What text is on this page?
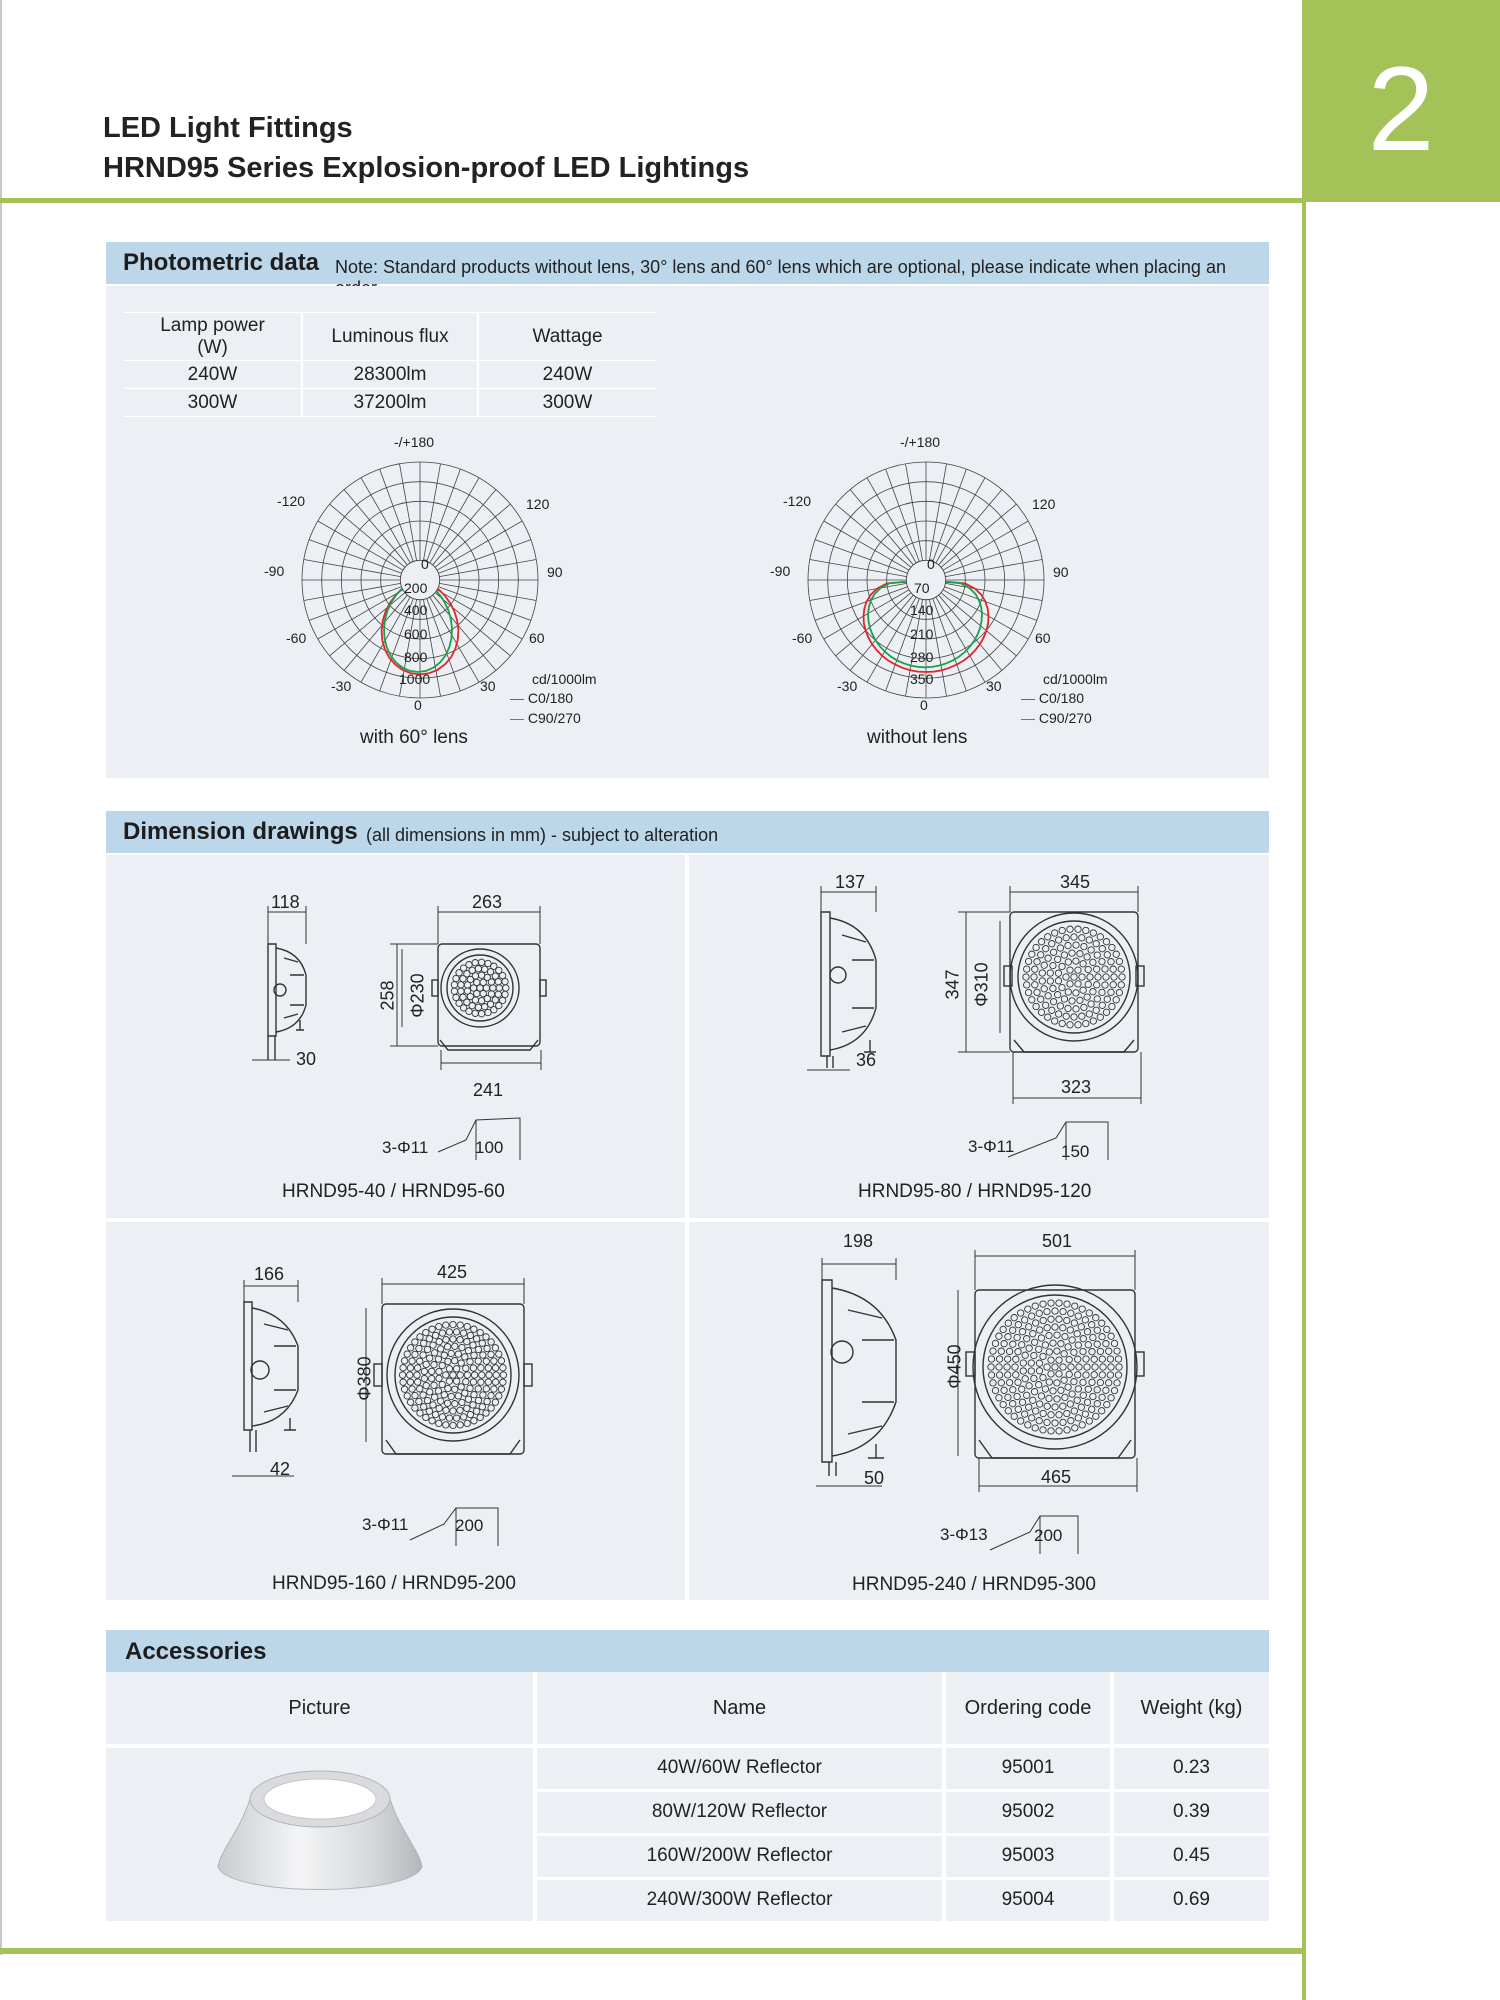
2
LED Light Fittings
HRND95 Series Explosion-proof LED Lightings
Photometric data Note: Standard products without lens, 30° lens and 60° lens which are optional, please indicate when placing an
Lamp power
(W)	Luminous flux	Wattage
240W	28300lm	240W
300W	37200lm	300W
-/+180
-120	120
-90	90
-60	60
-30	30
0
0
200
400
600
800
1000	cd/1000lm
— C0/180
— C90/270
with 60° lens
-/+180
-120	120
-90	90
-60	60
-30	30
0
0
70
140
210
280
350	cd/1000lm
— C0/180
— C90/270
without lens
Dimension drawings (all dimensions in mm) - subject to alteration
118	263
258 Φ230
30
241
3-Φ11	100
HRND95-40 / HRND95-60
137	345
347 Φ310
36
323
3-Φ11	150
HRND95-80 / HRND95-120
166	425
Φ380
42
3-Φ11	200
HRND95-160 / HRND95-200
198	501
Φ450
50	465
3-Φ13	200
HRND95-240 / HRND95-300
Accessories
Picture	Name	Ordering code	Weight (kg)
	40W/60W Reflector	95001	0.23
	80W/120W Reflector	95002	0.39
	160W/200W Reflector	95003	0.45
	240W/300W Reflector	95004	0.69
